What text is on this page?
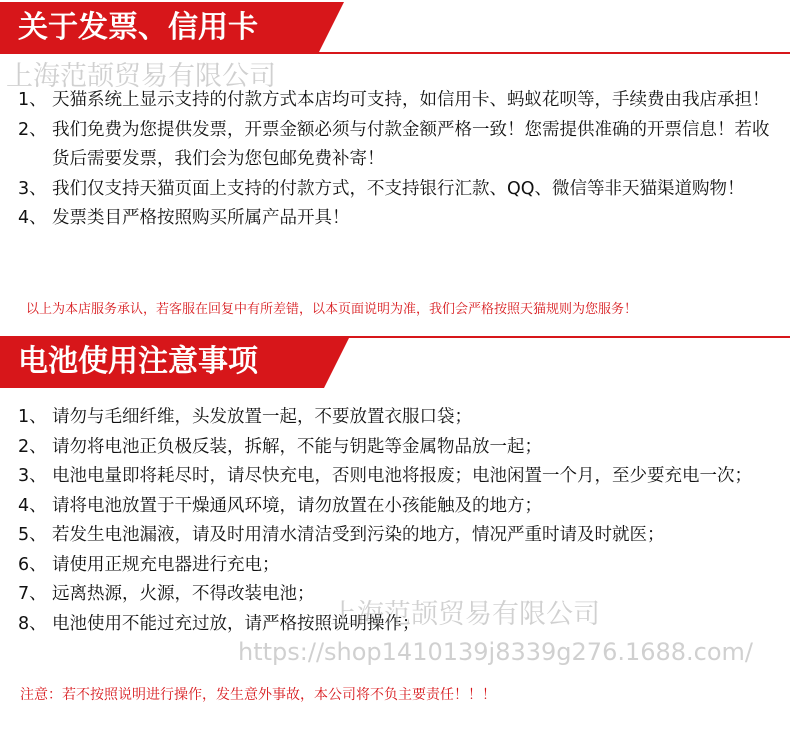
关于发票、信用卡
上海范颉贸易有限公司
1、 天猫系统上显示支持的付款方式本店均可支持，如信用卡、蚂蚁花呗等，手续费由我店承担！
2、 我们免费为您提供发票，开票金额必须与付款金额严格一致！您需提供准确的开票信息！若收货后需要发票，我们会为您包邮免费补寄！
3、 我们仅支持天猫页面上支持的付款方式，不支持银行汇款、QQ、微信等非天猫渠道购物！
4、 发票类目严格按照购买所属产品开具！
以上为本店服务承认，若客服在回复中有所差错，以本页面说明为准，我们会严格按照天猫规则为您服务！
电池使用注意事项
1、 请勿与毛细纤维，头发放置一起，不要放置衣服口袋；
2、 请勿将电池正负极反装，拆解，不能与钥匙等金属物品放一起；
3、 电池电量即将耗尽时，请尽快充电，否则电池将报废；电池闲置一个月，至少要充电一次；
4、 请将电池放置于干燥通风环境，请勿放置在小孩能触及的地方；
5、 若发生电池漏液，请及时用清水清洁受到污染的地方，情况严重时请及时就医；
6、 请使用正规充电器进行充电；
7、 远离热源，火源，不得改装电池；
8、 电池使用不能过充过放，请严格按照说明操作；
上海范颉贸易有限公司
https://shop1410139j8339g276.1688.com/
注意：若不按照说明进行操作，发生意外事故，本公司将不负主要责任！！！
